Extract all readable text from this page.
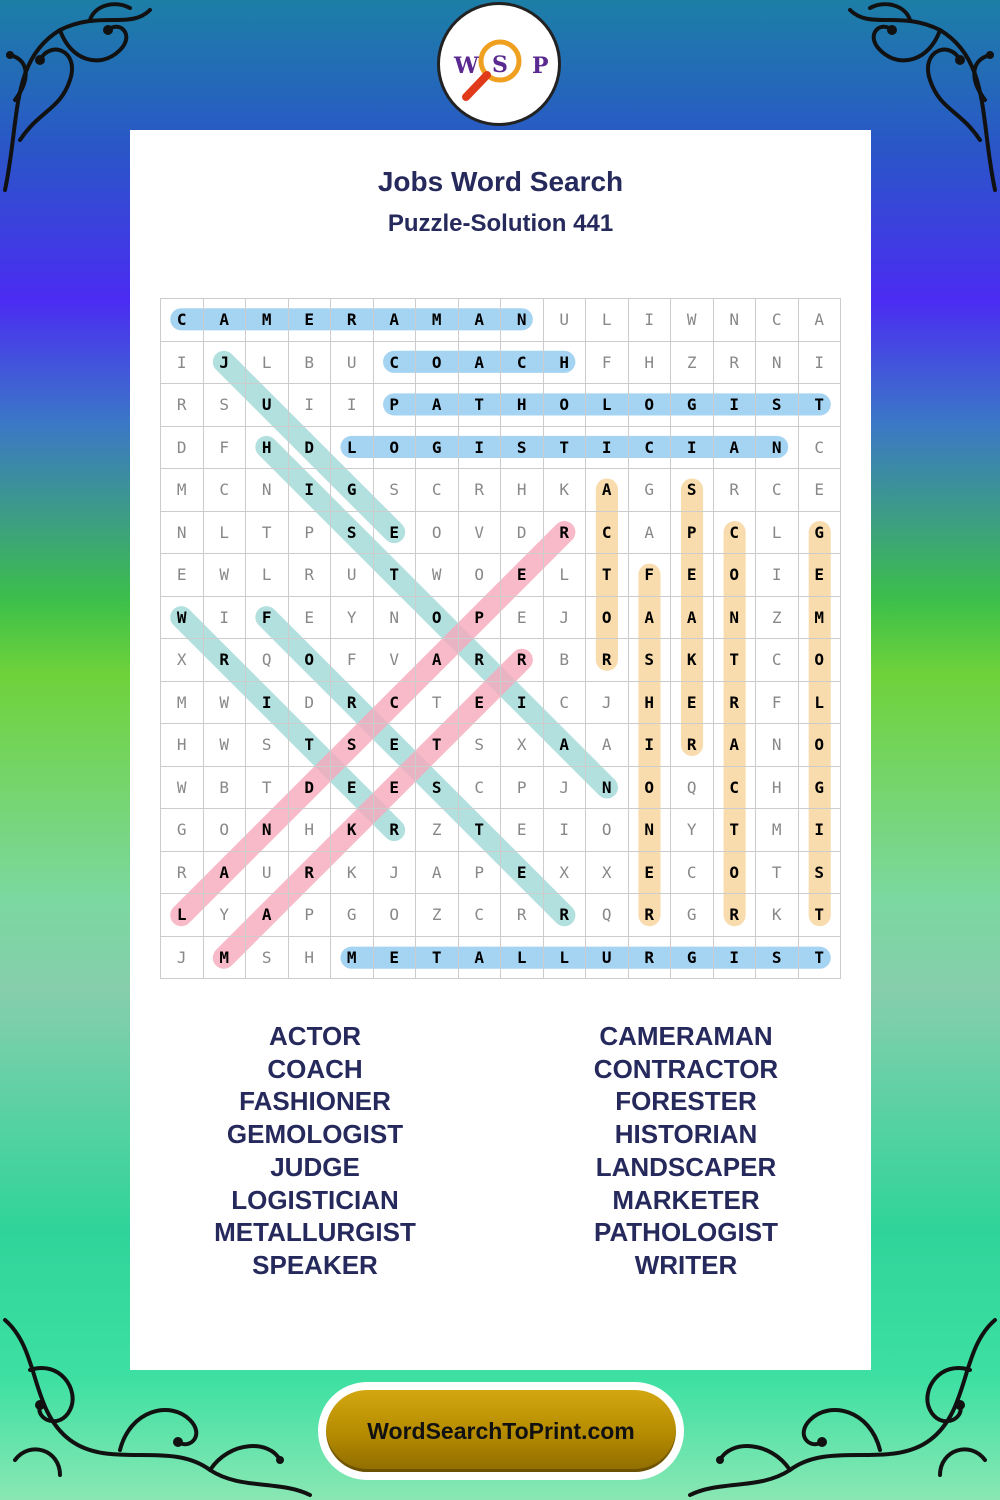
W S P
Jobs Word Search
Puzzle-Solution 441
C	A	M	E	R	A	M	A	N	U	L	I	W	N	C	A
I	J	L	B	U	C	O	A	C	H	F	H	Z	R	N	I
R	S	U	I	I	P	A	T	H	O	L	O	G	I	S	T
D	F	H	D	L	O	G	I	S	T	I	C	I	A	N	C
M	C	N	I	G	S	C	R	H	K	A	G	S	R	C	E
N	L	T	P	S	E	O	V	D	R	C	A	P	C	L	G
E	W	L	R	U	T	W	O	E	L	T	F	E	O	I	E
W	I	F	E	Y	N	O	P	E	J	O	A	A	N	Z	M
X	R	Q	O	F	V	A	R	R	B	R	S	K	T	C	O
M	W	I	D	R	C	T	E	I	C	J	H	E	R	F	L
H	W	S	T	S	E	T	S	X	A	A	I	R	A	N	O
W	B	T	D	E	E	S	C	P	J	N	O	Q	C	H	G
G	O	N	H	K	R	Z	T	E	I	O	N	Y	T	M	I
R	A	U	R	K	J	A	P	E	X	X	E	C	O	T	S
L	Y	A	P	G	O	Z	C	R	R	Q	R	G	R	K	T
J	M	S	H	M	E	T	A	L	L	U	R	G	I	S	T
ACTOR
COACH
FASHIONER
GEMOLOGIST
JUDGE
LOGISTICIAN
METALLURGIST
SPEAKER
CAMERAMAN
CONTRACTOR
FORESTER
HISTORIAN
LANDSCAPER
MARKETER
PATHOLOGIST
WRITER
WordSearchToPrint.com
